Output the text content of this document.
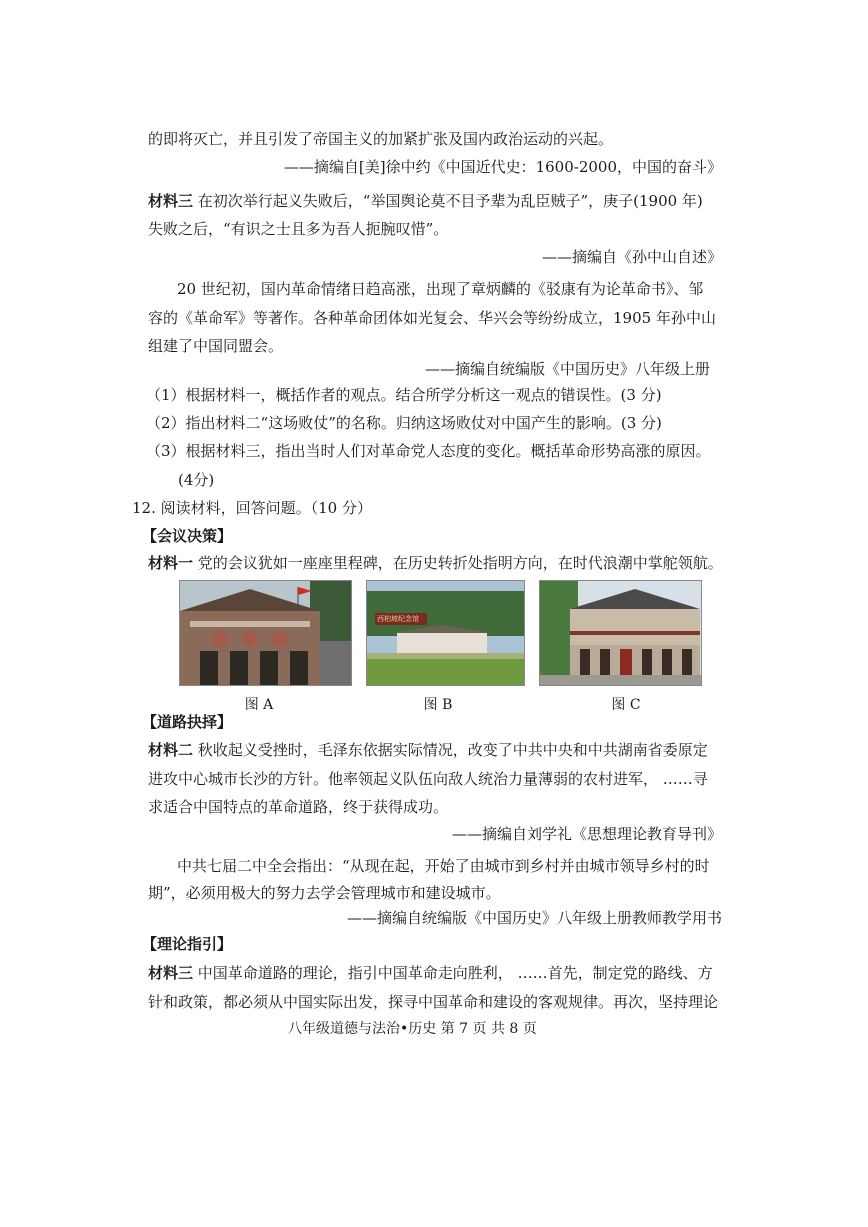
的即将灭亡，并且引发了帝国主义的加紧扩张及国内政治运动的兴起。
——摘编自[美]徐中约《中国近代史：1600-2000，中国的奋斗》
材料三 在初次举行起义失败后，“举国舆论莫不目予辈为乱臣贼子”，庚子(1900 年)
失败之后，“有识之士且多为吾人扼腕叹惜”。
——摘编自《孙中山自述》
20 世纪初，国内革命情绪日趋高涨，出现了章炳麟的《驳康有为论革命书》、邹
容的《革命军》等著作。各种革命团体如光复会、华兴会等纷纷成立，1905 年孙中山
组建了中国同盟会。
——摘编自统编版《中国历史》八年级上册
（1）根据材料一，概括作者的观点。结合所学分析这一观点的错误性。(3 分)
（2）指出材料二“这场败仗”的名称。归纳这场败仗对中国产生的影响。(3 分)
（3）根据材料三，指出当时人们对革命党人态度的变化。概括革命形势高涨的原因。
(4分)
12. 阅读材料，回答问题。（10 分）
【会议决策】
材料一 党的会议犹如一座座里程碑，在历史转折处指明方向，在时代浪潮中掌舵领航。
西柏坡纪念馆
图 A	图 B	图 C
【道路抉择】
材料二 秋收起义受挫时，毛泽东依据实际情况，改变了中共中央和中共湖南省委原定
进攻中心城市长沙的方针。他率领起义队伍向敌人统治力量薄弱的农村进军， ……寻
求适合中国特点的革命道路，终于获得成功。
——摘编自刘学礼《思想理论教育导刊》
中共七届二中全会指出：“从现在起，开始了由城市到乡村并由城市领导乡村的时
期”，必须用极大的努力去学会管理城市和建设城市。
——摘编自统编版《中国历史》八年级上册教师教学用书
【理论指引】
材料三 中国革命道路的理论，指引中国革命走向胜利， ……首先，制定党的路线、方
针和政策，都必须从中国实际出发，探寻中国革命和建设的客观规律。再次，坚持理论
八年级道德与法治•历史 第 7 页 共 8 页
